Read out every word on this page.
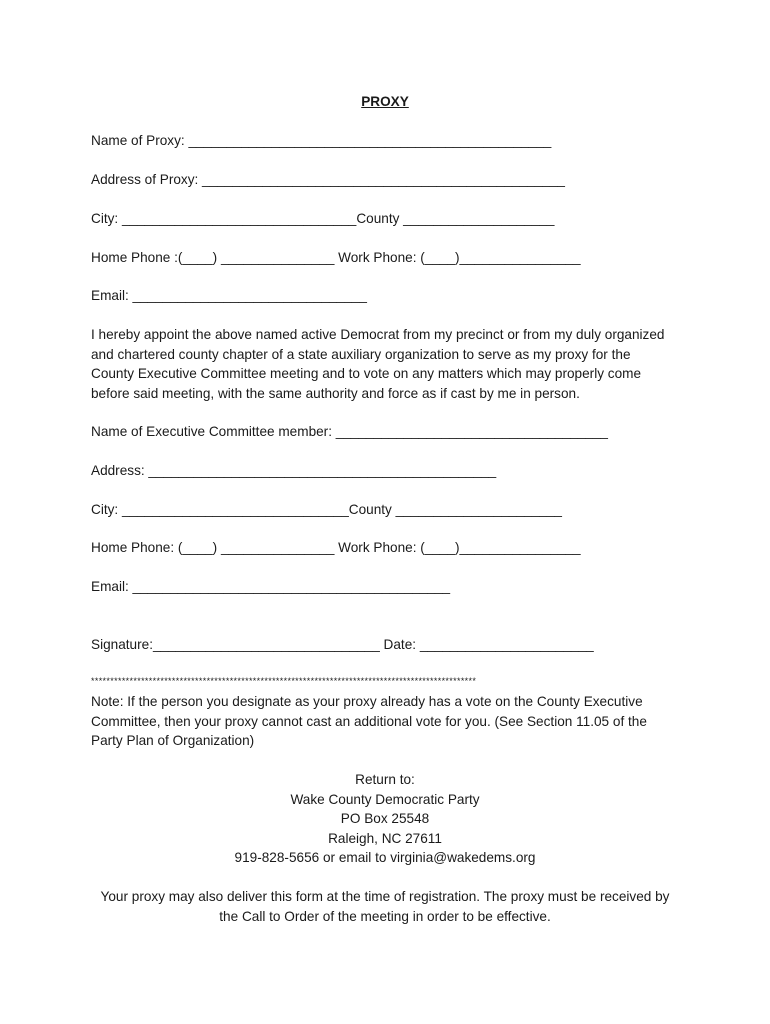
PROXY
Name of Proxy: ________________________________________________
Address of Proxy: ________________________________________________
City: _______________________________County ____________________
Home Phone :(____) _______________ Work Phone: (____)________________
Email: _______________________________

I hereby appoint the above named active Democrat from my precinct or from my duly organized

and chartered county chapter of a state auxiliary organization to serve as my proxy for the

County Executive Committee meeting and to vote on any matters which may properly come

before said meeting, with the same authority and force as if cast by me in person.

Name of Executive Committee member: ____________________________________
Address: ______________________________________________
City: ______________________________County ______________________
Home Phone: (____) _______________ Work Phone: (____)________________
Email: __________________________________________
Signature:______________________________ Date: _______________________
****************************************************************************************************

Note: If the person you designate as your proxy already has a vote on the County Executive

Committee, then your proxy cannot cast an additional vote for you. (See Section 11.05 of the

Party Plan of Organization)

Return to:

Wake County Democratic Party

PO Box 25548

Raleigh, NC 27611

919-828-5656 or email to virginia@wakedems.org

Your proxy may also deliver this form at the time of registration. The proxy must be received by

the Call to Order of the meeting in order to be effective.
